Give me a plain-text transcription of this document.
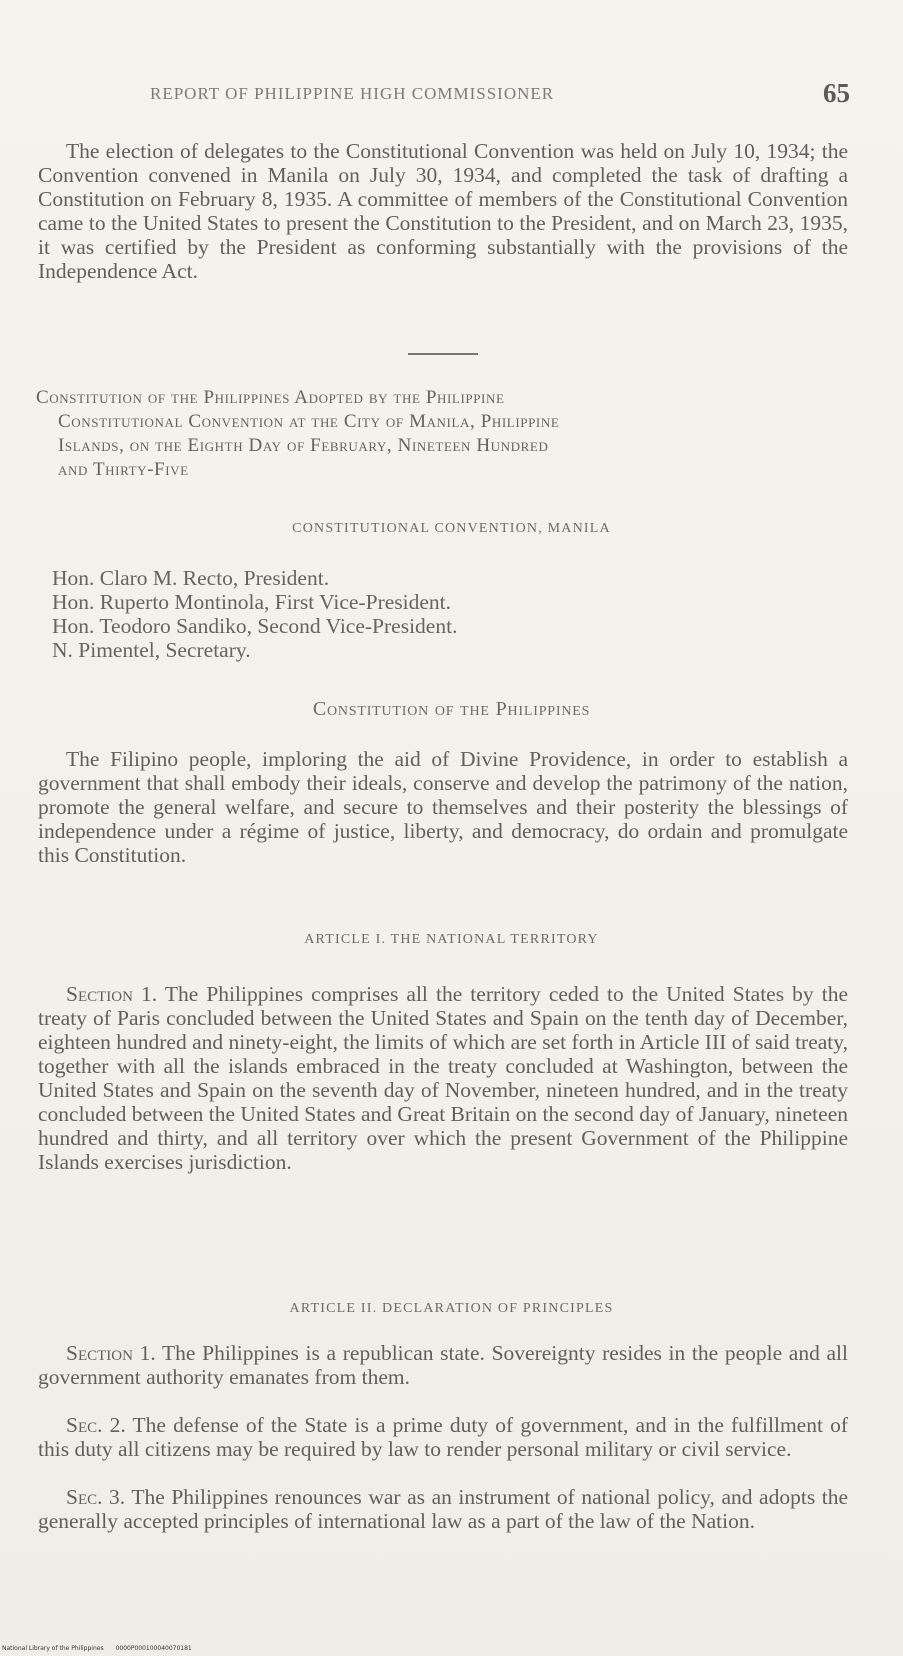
REPORT OF PHILIPPINE HIGH COMMISSIONER	65

The election of delegates to the Constitutional Convention was held on July 10, 1934; the Convention convened in Manila on July 30, 1934, and completed the task of drafting a Constitution on February 8, 1935. A committee of members of the Constitutional Convention came to the United States to present the Constitution to the President, and on March 23, 1935, it was certified by the President as conforming substantially with the provisions of the Independence Act.

Constitution of the Philippines Adopted by the Philippine

Constitutional Convention at the City of Manila, Philippine
Islands, on the Eighth Day of February, Nineteen Hundred
and Thirty-Five

CONSTITUTIONAL CONVENTION, MANILA
Hon. Claro M. Recto, President.
Hon. Ruperto Montinola, First Vice-President.
Hon. Teodoro Sandiko, Second Vice-President.
N. Pimentel, Secretary.
Constitution of the Philippines

The Filipino people, imploring the aid of Divine Providence, in order to establish a government that shall embody their ideals, conserve and develop the patrimony of the nation, promote the general welfare, and secure to themselves and their posterity the blessings of independence under a régime of justice, liberty, and democracy, do ordain and promulgate this Constitution.

ARTICLE I. THE NATIONAL TERRITORY

Section 1. The Philippines comprises all the territory ceded to the United States by the treaty of Paris concluded between the United States and Spain on the tenth day of December, eighteen hundred and ninety-eight, the limits of which are set forth in Article III of said treaty, together with all the islands embraced in the treaty concluded at Washington, between the United States and Spain on the seventh day of November, nineteen hundred, and in the treaty concluded between the United States and Great Britain on the second day of January, nineteen hundred and thirty, and all territory over which the present Government of the Philippine Islands exercises jurisdiction.

ARTICLE II. DECLARATION OF PRINCIPLES

Section 1. The Philippines is a republican state. Sovereignty resides in the people and all government authority emanates from them.

Sec. 2. The defense of the State is a prime duty of government, and in the fulfillment of this duty all citizens may be required by law to render personal military or civil service.

Sec. 3. The Philippines renounces war as an instrument of national policy, and adopts the generally accepted principles of international law as a part of the law of the Nation.

National Library of the Philippines 0000P000100040070181
